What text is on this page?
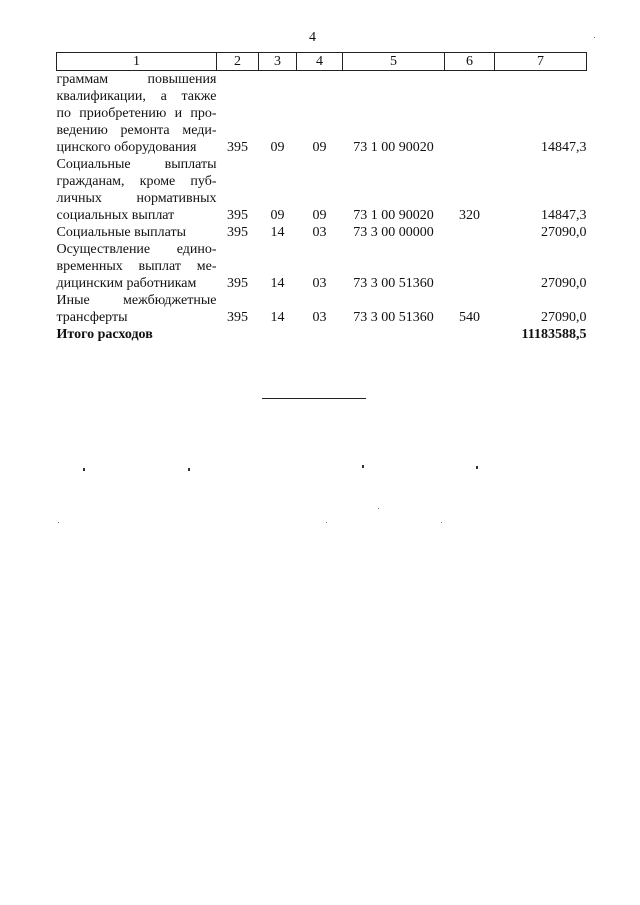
4
1	2	3	4	5	6	7

граммам повышения
квалификации, а также
по приобретению и про-
ведению ремонта меди-
цинского оборудования	395	09	09	73 1 00 90020		14847,3

Социальные выплаты
гражданам, кроме пуб-
личных нормативных
социальных выплат	395	09	09	73 1 00 90020	320	14847,3

Социальные выплаты	395	14	03	73 3 00 00000		27090,0

Осуществление едино-
временных выплат ме-
дицинским работникам	395	14	03	73 3 00 51360		27090,0

Иные межбюджетные
трансферты	395	14	03	73 3 00 51360	540	27090,0
Итого расходов						11183588,5
